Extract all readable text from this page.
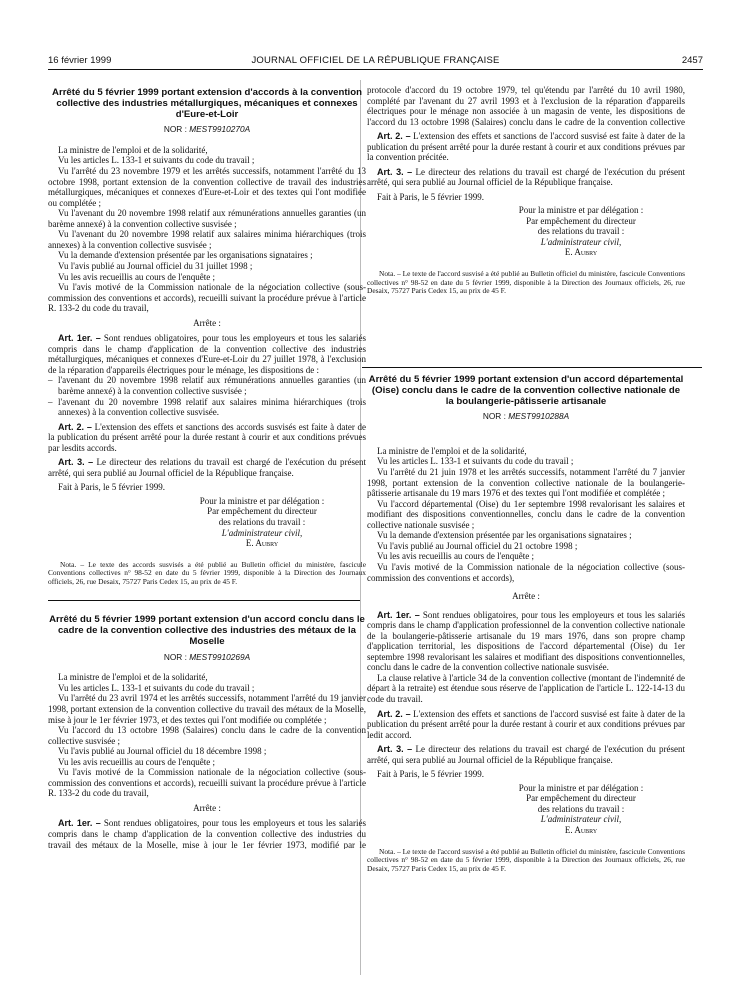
16 février 1999	JOURNAL OFFICIEL DE LA RÉPUBLIQUE FRANÇAISE	2457
Arrêté du 5 février 1999 portant extension d'accords à la convention collective des industries métallurgiques, mécaniques et connexes d'Eure-et-Loir
NOR : MESТ9910270A

La ministre de l'emploi et de la solidarité,

Vu les articles L. 133-1 et suivants du code du travail ;

Vu l'arrêté du 23 novembre 1979 et les arrêtés successifs, notamment l'arrêté du 13 octobre 1998, portant extension de la convention collective de travail des industries métallurgiques, mécaniques et connexes d'Eure-et-Loir et des textes qui l'ont modifiée ou complétée ;

Vu l'avenant du 20 novembre 1998 relatif aux rémunérations annuelles garanties (un barème annexé) à la convention collective susvisée ;

Vu l'avenant du 20 novembre 1998 relatif aux salaires minima hiérarchiques (trois annexes) à la convention collective susvisée ;

Vu la demande d'extension présentée par les organisations signataires ;

Vu l'avis publié au Journal officiel du 31 juillet 1998 ;

Vu les avis recueillis au cours de l'enquête ;

Vu l'avis motivé de la Commission nationale de la négociation collective (sous-commission des conventions et accords), recueilli suivant la procédure prévue à l'article R. 133-2 du code du travail,

Arrête :

Art. 1er. – Sont rendues obligatoires, pour tous les employeurs et tous les salariés compris dans le champ d'application de la convention collective des industries métallurgiques, mécaniques et connexes d'Eure-et-Loir du 27 juillet 1978, à l'exclusion de la réparation d'appareils électriques pour le ménage, les dispositions de :

– l'avenant du 20 novembre 1998 relatif aux rémunérations annuelles garanties (un barème annexé) à la convention collective susvisée ;
– l'avenant du 20 novembre 1998 relatif aux salaires minima hiérarchiques (trois annexes) à la convention collective susvisée.

Art. 2. – L'extension des effets et sanctions des accords susvisés est faite à dater de la publication du présent arrêté pour la durée restant à courir et aux conditions prévues par lesdits accords.

Art. 3. – Le directeur des relations du travail est chargé de l'exécution du présent arrêté, qui sera publié au Journal officiel de la République française.

Fait à Paris, le 5 février 1999.

Pour la ministre et par délégation :
Par empêchement du directeur
des relations du travail :
L'administrateur civil,
E. Aubry

Nota. – Le texte des accords susvisés a été publié au Bulletin officiel du ministère, fascicule Conventions collectives n° 98-52 en date du 5 février 1999, disponible à la Direction des Journaux officiels, 26, rue Desaix, 75727 Paris Cedex 15, au prix de 45 F.

Arrêté du 5 février 1999 portant extension d'un accord conclu dans le cadre de la convention collective des industries des métaux de la Moselle
NOR : MEST9910269A

La ministre de l'emploi et de la solidarité,

Vu les articles L. 133-1 et suivants du code du travail ;

Vu l'arrêté du 23 avril 1974 et les arrêtés successifs, notamment l'arrêté du 19 janvier 1998, portant extension de la convention collective du travail des métaux de la Moselle, mise à jour le 1er février 1973, et des textes qui l'ont modifiée ou complétée ;

Vu l'accord du 13 octobre 1998 (Salaires) conclu dans le cadre de la convention collective susvisée ;

Vu l'avis publié au Journal officiel du 18 décembre 1998 ;

Vu les avis recueillis au cours de l'enquête ;

Vu l'avis motivé de la Commission nationale de la négociation collective (sous-commission des conventions et accords), recueilli suivant la procédure prévue à l'article R. 133-2 du code du travail,

Arrête :

Art. 1er. – Sont rendues obligatoires, pour tous les employeurs et tous les salariés compris dans le champ d'application de la convention collective des industries du travail des métaux de la Moselle, mise à jour le 1er février 1973, modifié par le

protocole d'accord du 19 octobre 1979, tel qu'étendu par l'arrêté du 10 avril 1980, complété par l'avenant du 27 avril 1993 et à l'exclusion de la réparation d'appareils électriques pour le ménage non associée à un magasin de vente, les dispositions de l'accord du 13 octobre 1998 (Salaires) conclu dans le cadre de la convention collective

Art. 2. – L'extension des effets et sanctions de l'accord susvisé est faite à dater de la publication du présent arrêté pour la durée restant à courir et aux conditions prévues par la convention précitée.

Art. 3. – Le directeur des relations du travail est chargé de l'exécution du présent arrêté, qui sera publié au Journal officiel de la République française.

Fait à Paris, le 5 février 1999.

Pour la ministre et par délégation :
Par empêchement du directeur
des relations du travail :
L'administrateur civil,
E. Aubry

Nota. – Le texte de l'accord susvisé a été publié au Bulletin officiel du ministère, fascicule Conventions collectives n° 98-52 en date du 5 février 1999, disponible à la Direction des Journaux officiels, 26, rue Desaix, 75727 Paris Cedex 15, au prix de 45 F.

Arrêté du 5 février 1999 portant extension d'un accord départemental (Oise) conclu dans le cadre de la convention collective nationale de la boulangerie-pâtisserie artisanale
NOR : MEST9910288A

La ministre de l'emploi et de la solidarité,

Vu les articles L. 133-1 et suivants du code du travail ;

Vu l'arrêté du 21 juin 1978 et les arrêtés successifs, notamment l'arrêté du 7 janvier 1998, portant extension de la convention collective nationale de la boulangerie-pâtisserie artisanale du 19 mars 1976 et des textes qui l'ont modifiée et complétée ;

Vu l'accord départemental (Oise) du 1er septembre 1998 revalorisant les salaires et modifiant des dispositions conventionnelles, conclu dans le cadre de la convention collective nationale susvisée ;

Vu la demande d'extension présentée par les organisations signataires ;

Vu l'avis publié au Journal officiel du 21 octobre 1998 ;

Vu les avis recueillis au cours de l'enquête ;

Vu l'avis motivé de la Commission nationale de la négociation collective (sous-commission des conventions et accords),

Arrête :

Art. 1er. – Sont rendues obligatoires, pour tous les employeurs et tous les salariés compris dans le champ d'application professionnel de la convention collective nationale de la boulangerie-pâtisserie artisanale du 19 mars 1976, dans son propre champ d'application territorial, les dispositions de l'accord départemental (Oise) du 1er septembre 1998 revalorisant les salaires et modifiant des dispositions conventionnelles, conclu dans le cadre de la convention collective nationale susvisée.

La clause relative à l'article 34 de la convention collective (montant de l'indemnité de départ à la retraite) est étendue sous réserve de l'application de l'article L. 122-14-13 du code du travail.

Art. 2. – L'extension des effets et sanctions de l'accord susvisé est faite à dater de la publication du présent arrêté pour la durée restant à courir et aux conditions prévues par ledit accord.

Art. 3. – Le directeur des relations du travail est chargé de l'exécution du présent arrêté, qui sera publié au Journal officiel de la République française.

Fait à Paris, le 5 février 1999.

Pour la ministre et par délégation :
Par empêchement du directeur
des relations du travail :
L'administrateur civil,
E. Aubry

Nota. – Le texte de l'accord susvisé a été publié au Bulletin officiel du ministère, fascicule Conventions collectives n° 98-52 en date du 5 février 1999, disponible à la Direction des Journaux officiels, 26, rue Desaix, 75727 Paris Cedex 15, au prix de 45 F.
